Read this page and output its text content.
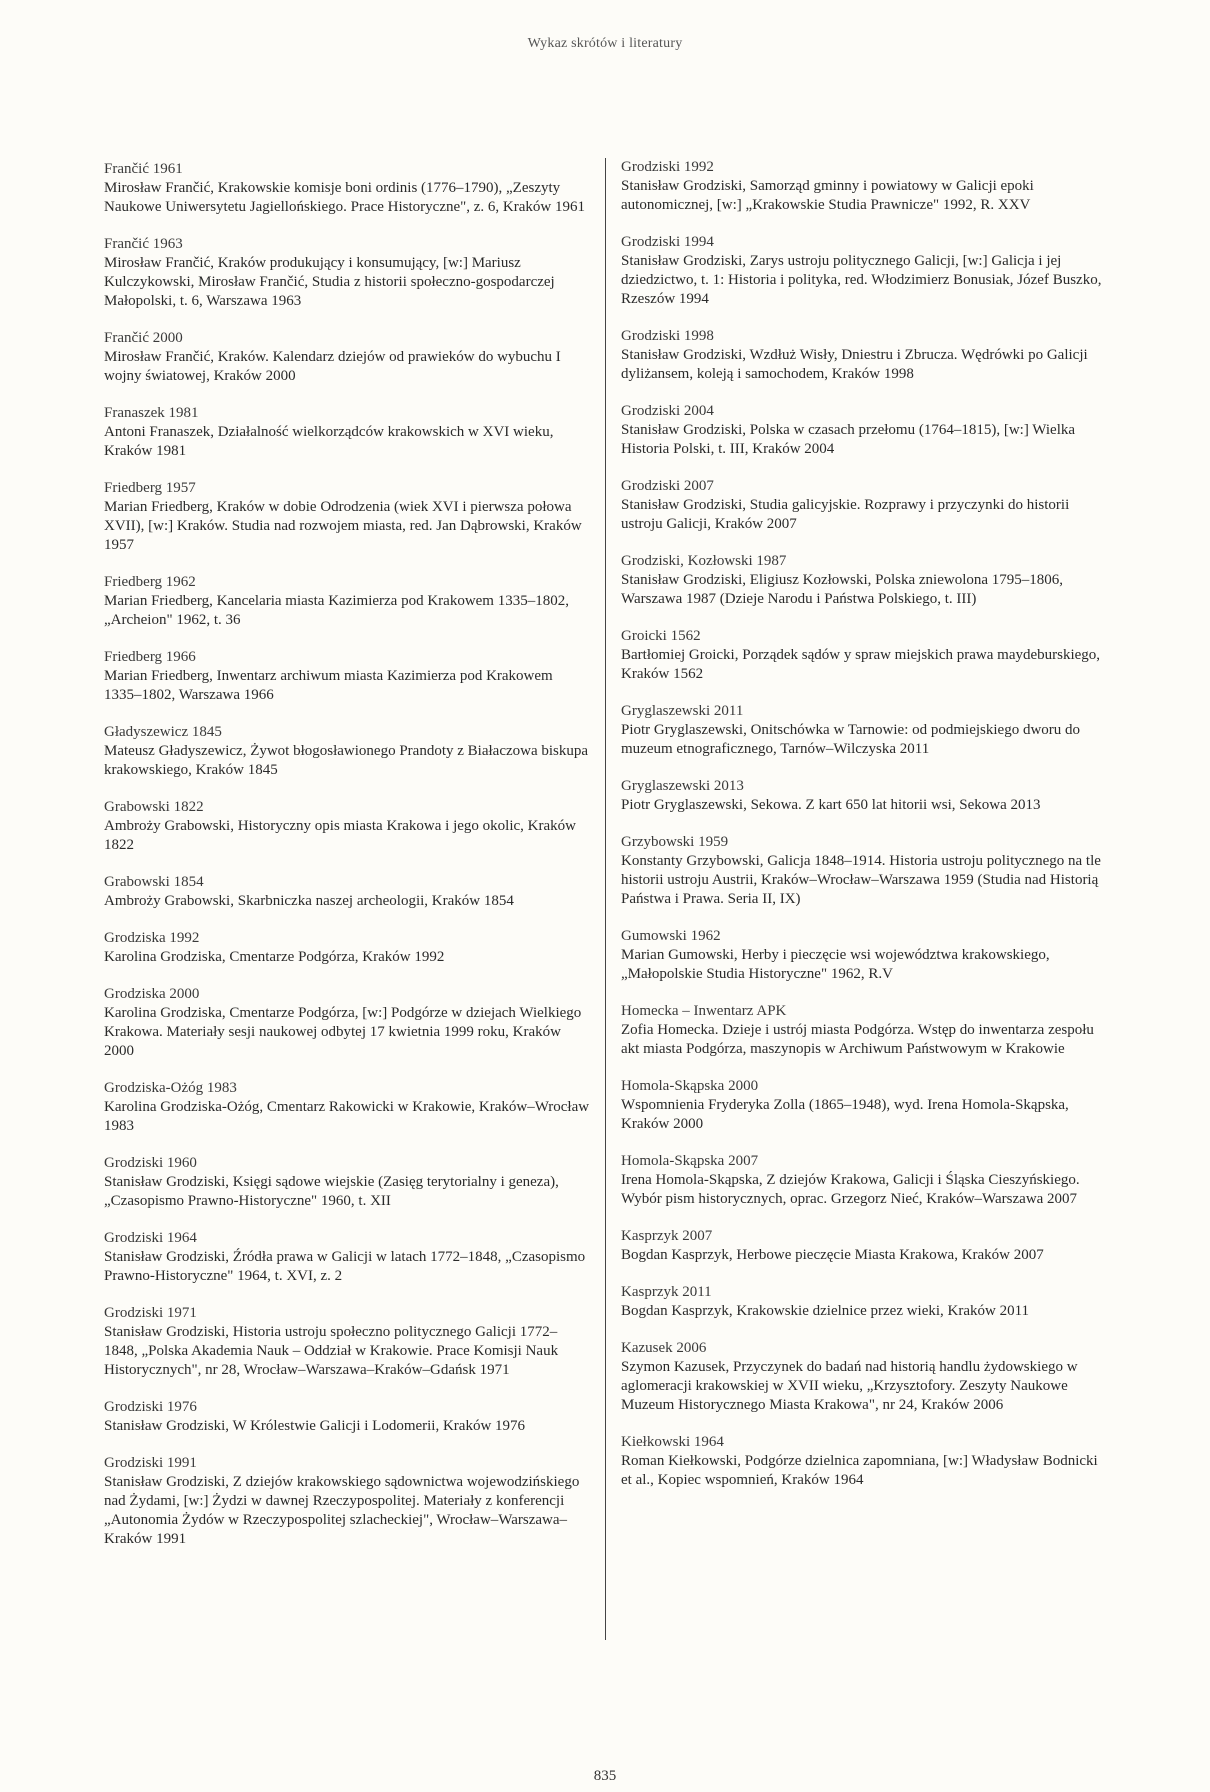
Wykaz skrótów i literatury
Frančić 1961
Mirosław Frančić, Krakowskie komisje boni ordinis (1776–1790), „Zeszyty Naukowe Uniwersytetu Jagiellońskiego. Prace Historyczne", z. 6, Kraków 1961
Frančić 1963
Mirosław Frančić, Kraków produkujący i konsumujący, [w:] Mariusz Kulczykowski, Mirosław Frančić, Studia z historii społeczno-gospodarczej Małopolski, t. 6, Warszawa 1963
Frančić 2000
Mirosław Frančić, Kraków. Kalendarz dziejów od prawieków do wybuchu I wojny światowej, Kraków 2000
Franaszek 1981
Antoni Franaszek, Działalność wielkorządców krakowskich w XVI wieku, Kraków 1981
Friedberg 1957
Marian Friedberg, Kraków w dobie Odrodzenia (wiek XVI i pierwsza połowa XVII), [w:] Kraków. Studia nad rozwojem miasta, red. Jan Dąbrowski, Kraków 1957
Friedberg 1962
Marian Friedberg, Kancelaria miasta Kazimierza pod Krakowem 1335–1802, „Archeion" 1962, t. 36
Friedberg 1966
Marian Friedberg, Inwentarz archiwum miasta Kazimierza pod Krakowem 1335–1802, Warszawa 1966
Gładyszewicz 1845
Mateusz Gładyszewicz, Żywot błogosławionego Prandoty z Białaczowa biskupa krakowskiego, Kraków 1845
Grabowski 1822
Ambroży Grabowski, Historyczny opis miasta Krakowa i jego okolic, Kraków 1822
Grabowski 1854
Ambroży Grabowski, Skarbniczka naszej archeologii, Kraków 1854
Grodziska 1992
Karolina Grodziska, Cmentarze Podgórza, Kraków 1992
Grodziska 2000
Karolina Grodziska, Cmentarze Podgórza, [w:] Podgórze w dziejach Wielkiego Krakowa. Materiały sesji naukowej odbytej 17 kwietnia 1999 roku, Kraków 2000
Grodziska-Ożóg 1983
Karolina Grodziska-Ożóg, Cmentarz Rakowicki w Krakowie, Kraków–Wrocław 1983
Grodziski 1960
Stanisław Grodziski, Księgi sądowe wiejskie (Zasięg terytorialny i geneza), „Czasopismo Prawno-Historyczne" 1960, t. XII
Grodziski 1964
Stanisław Grodziski, Źródła prawa w Galicji w latach 1772–1848, „Czasopismo Prawno-Historyczne" 1964, t. XVI, z. 2
Grodziski 1971
Stanisław Grodziski, Historia ustroju społeczno politycznego Galicji 1772–1848, „Polska Akademia Nauk – Oddział w Krakowie. Prace Komisji Nauk Historycznych", nr 28, Wrocław–Warszawa–Kraków–Gdańsk 1971
Grodziski 1976
Stanisław Grodziski, W Królestwie Galicji i Lodomerii, Kraków 1976
Grodziski 1991
Stanisław Grodziski, Z dziejów krakowskiego sądownictwa wojewodzińskiego nad Żydami, [w:] Żydzi w dawnej Rzeczypospolitej. Materiały z konferencji „Autonomia Żydów w Rzeczypospolitej szlacheckiej", Wrocław–Warszawa–Kraków 1991
Grodziski 1992
Stanisław Grodziski, Samorząd gminny i powiatowy w Galicji epoki autonomicznej, [w:] „Krakowskie Studia Prawnicze" 1992, R. XXV
Grodziski 1994
Stanisław Grodziski, Zarys ustroju politycznego Galicji, [w:] Galicja i jej dziedzictwo, t. 1: Historia i polityka, red. Włodzimierz Bonusiak, Józef Buszko, Rzeszów 1994
Grodziski 1998
Stanisław Grodziski, Wzdłuż Wisły, Dniestru i Zbrucza. Wędrówki po Galicji dyliżansem, koleją i samochodem, Kraków 1998
Grodziski 2004
Stanisław Grodziski, Polska w czasach przełomu (1764–1815), [w:] Wielka Historia Polski, t. III, Kraków 2004
Grodziski 2007
Stanisław Grodziski, Studia galicyjskie. Rozprawy i przyczynki do historii ustroju Galicji, Kraków 2007
Grodziski, Kozłowski 1987
Stanisław Grodziski, Eligiusz Kozłowski, Polska zniewolona 1795–1806, Warszawa 1987 (Dzieje Narodu i Państwa Polskiego, t. III)
Groicki 1562
Bartłomiej Groicki, Porządek sądów y spraw miejskich prawa maydeburskiego, Kraków 1562
Gryglaszewski 2011
Piotr Gryglaszewski, Onitschówka w Tarnowie: od podmiejskiego dworu do muzeum etnograficznego, Tarnów–Wilczyska 2011
Gryglaszewski 2013
Piotr Gryglaszewski, Sekowa. Z kart 650 lat hitorii wsi, Sekowa 2013
Grzybowski 1959
Konstanty Grzybowski, Galicja 1848–1914. Historia ustroju politycznego na tle historii ustroju Austrii, Kraków–Wrocław–Warszawa 1959 (Studia nad Historią Państwa i Prawa. Seria II, IX)
Gumowski 1962
Marian Gumowski, Herby i pieczęcie wsi województwa krakowskiego, „Małopolskie Studia Historyczne" 1962, R.V
Homecka – Inwentarz APK
Zofia Homecka. Dzieje i ustrój miasta Podgórza. Wstęp do inwentarza zespołu akt miasta Podgórza, maszynopis w Archiwum Państwowym w Krakowie
Homola-Skąpska 2000
Wspomnienia Fryderyka Zolla (1865–1948), wyd. Irena Homola-Skąpska, Kraków 2000
Homola-Skąpska 2007
Irena Homola-Skąpska, Z dziejów Krakowa, Galicji i Śląska Cieszyńskiego. Wybór pism historycznych, oprac. Grzegorz Nieć, Kraków–Warszawa 2007
Kasprzyk 2007
Bogdan Kasprzyk, Herbowe pieczęcie Miasta Krakowa, Kraków 2007
Kasprzyk 2011
Bogdan Kasprzyk, Krakowskie dzielnice przez wieki, Kraków 2011
Kazusek 2006
Szymon Kazusek, Przyczynek do badań nad historią handlu żydowskiego w aglomeracji krakowskiej w XVII wieku, „Krzysztofory. Zeszyty Naukowe Muzeum Historycznego Miasta Krakowa", nr 24, Kraków 2006
Kiełkowski 1964
Roman Kiełkowski, Podgórze dzielnica zapomniana, [w:] Władysław Bodnicki et al., Kopiec wspomnień, Kraków 1964
835
